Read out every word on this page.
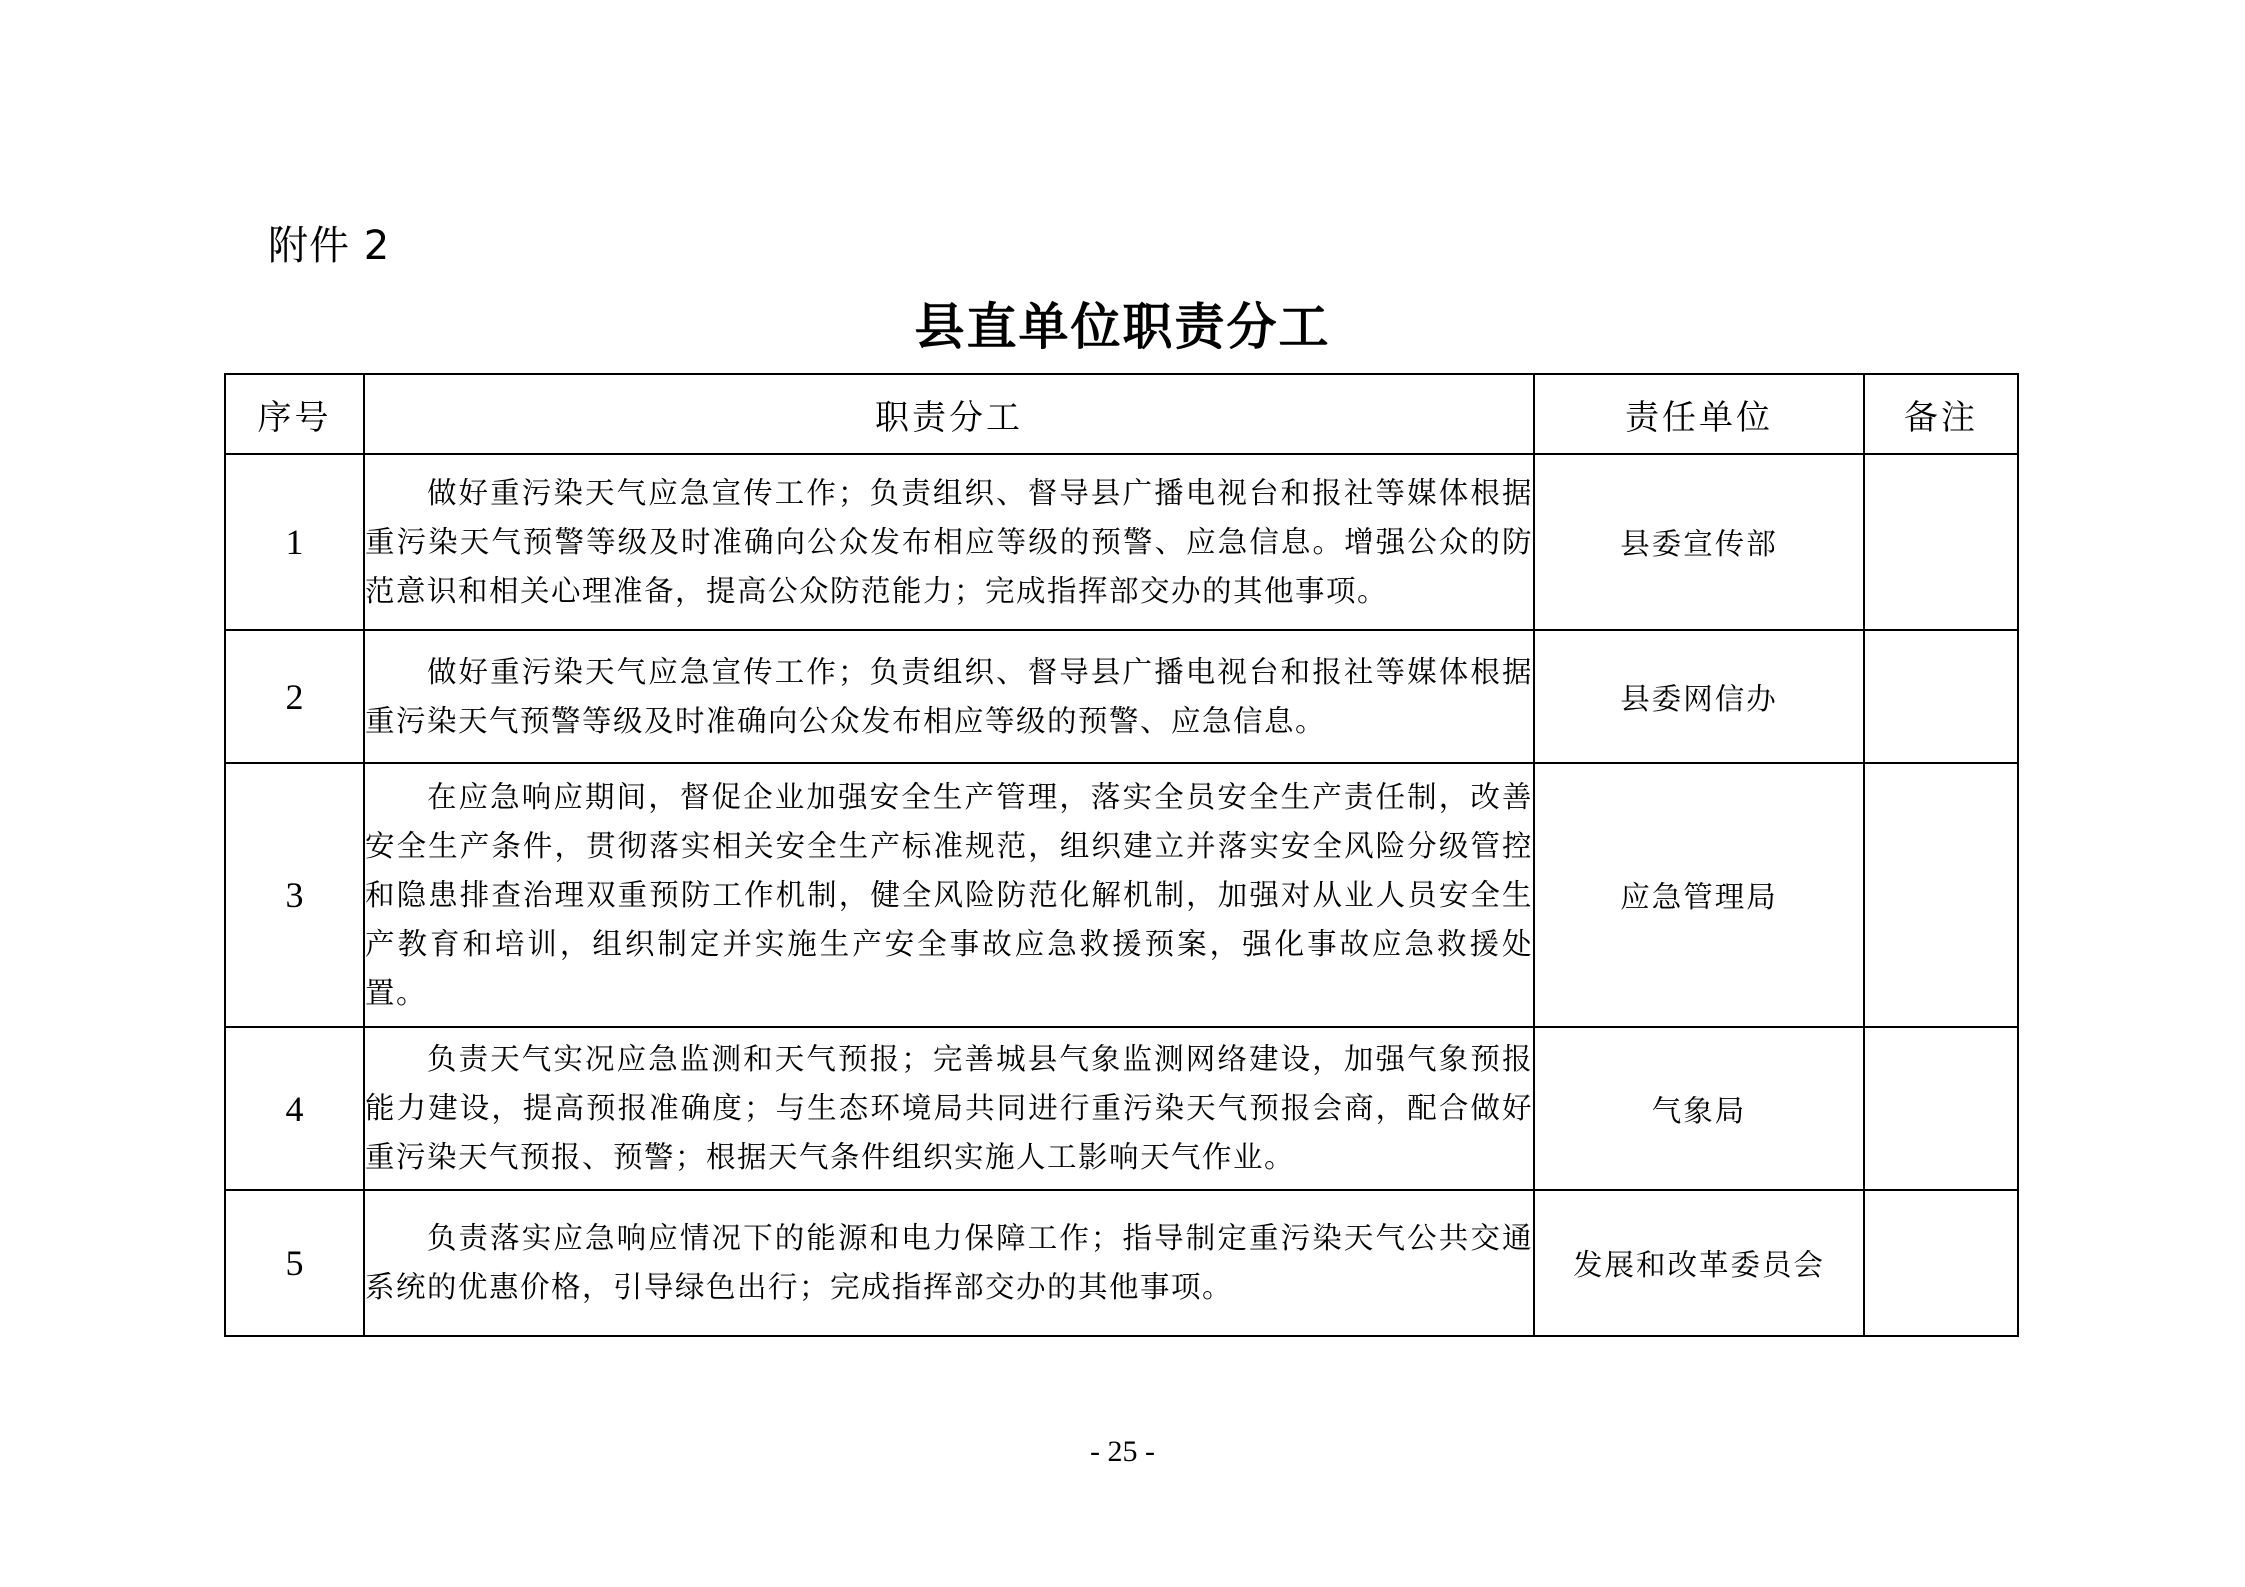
附件 2
县直单位职责分工
序号	职责分工	责任单位	备注
1	做好重污染天气应急宣传工作；负责组织、督导县广播电视台和报社等媒体根据重污染天气预警等级及时准确向公众发布相应等级的预警、应急信息。增强公众的防范意识和相关心理准备，提高公众防范能力；完成指挥部交办的其他事项。	县委宣传部	
2	做好重污染天气应急宣传工作；负责组织、督导县广播电视台和报社等媒体根据重污染天气预警等级及时准确向公众发布相应等级的预警、应急信息。	县委网信办	
3	在应急响应期间，督促企业加强安全生产管理，落实全员安全生产责任制，改善安全生产条件，贯彻落实相关安全生产标准规范，组织建立并落实安全风险分级管控和隐患排查治理双重预防工作机制，健全风险防范化解机制，加强对从业人员安全生产教育和培训，组织制定并实施生产安全事故应急救援预案，强化事故应急救援处置。	应急管理局	
4	负责天气实况应急监测和天气预报；完善城县气象监测网络建设，加强气象预报能力建设，提高预报准确度；与生态环境局共同进行重污染天气预报会商，配合做好重污染天气预报、预警；根据天气条件组织实施人工影响天气作业。	气象局	
5	负责落实应急响应情况下的能源和电力保障工作；指导制定重污染天气公共交通系统的优惠价格，引导绿色出行；完成指挥部交办的其他事项。	发展和改革委员会	
- 25 -
